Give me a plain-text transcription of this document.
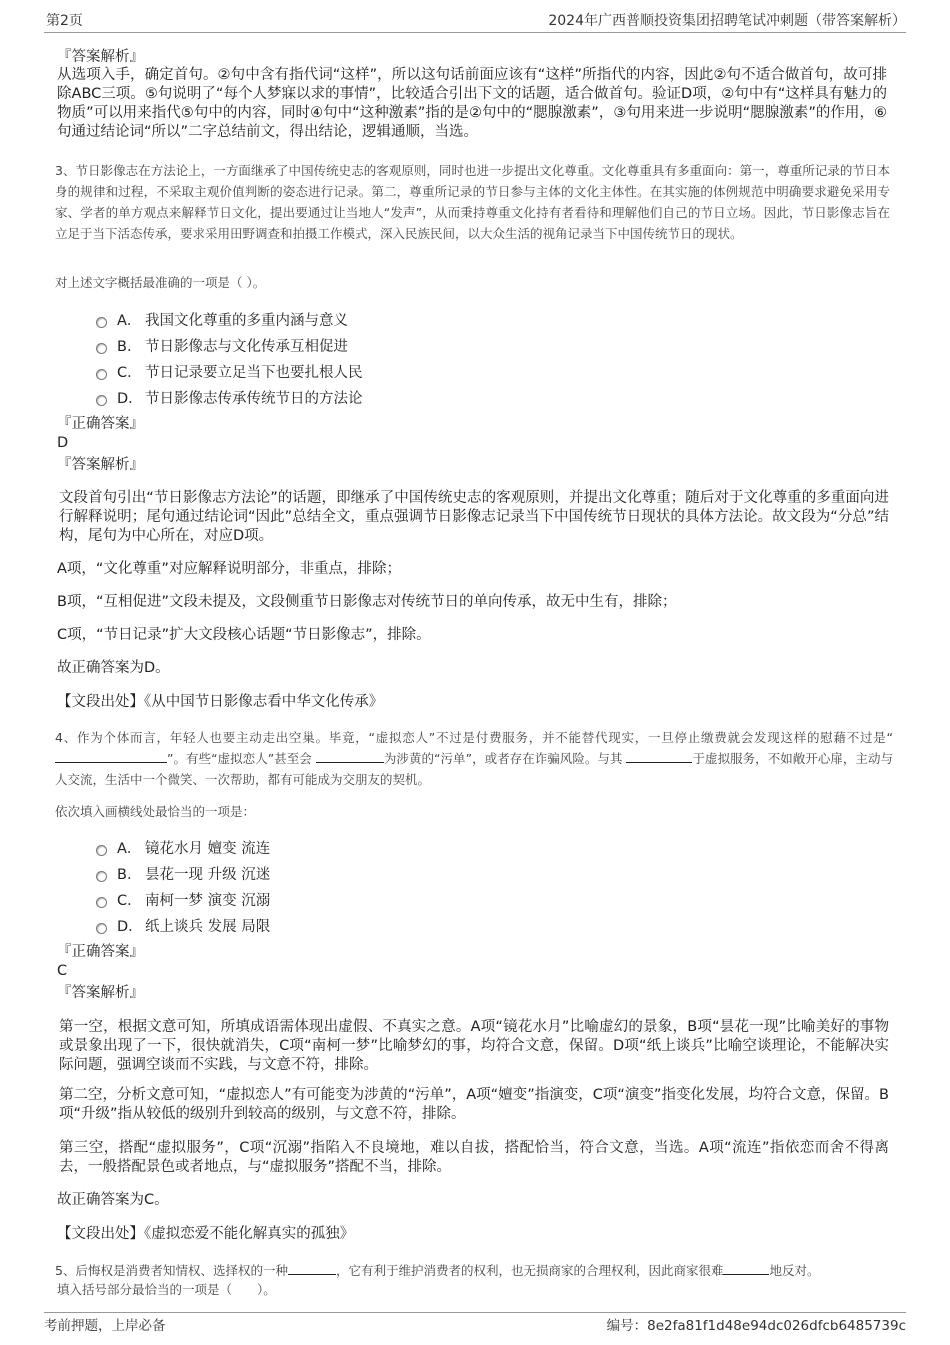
第2页	2024年广西普顺投资集团招聘笔试冲刺题（带答案解析）
『答案解析』
从选项入手，确定首句。②句中含有指代词“这样”，所以这句话前面应该有“这样”所指代的内容，因此②句不适合做首句，故可排除ABC三项。⑤句说明了“每个人梦寐以求的事情”，比较适合引出下文的话题，适合做首句。验证D项，②句中有“这样具有魅力的物质”可以用来指代⑤句中的内容，同时④句中“这种激素”指的是②句中的“腮腺激素”，③句用来进一步说明“腮腺激素”的作用，⑥句通过结论词“所以”二字总结前文，得出结论，逻辑通顺，当选。
3、节日影像志在方法论上，一方面继承了中国传统史志的客观原则，同时也进一步提出文化尊重。文化尊重具有多重面向：第一，尊重所记录的节日本身的规律和过程，不采取主观价值判断的姿态进行记录。第二，尊重所记录的节日参与主体的文化主体性。在其实施的体例规范中明确要求避免采用专家、学者的单方观点来解释节日文化，提出要通过让当地人“发声”，从而秉持尊重文化持有者看待和理解他们自己的节日立场。因此，节日影像志旨在立足于当下活态传承，要求采用田野调查和拍摄工作模式，深入民族民间，以大众生活的视角记录当下中国传统节日的现状。
对上述文字概括最准确的一项是（ ）。
A． 我国文化尊重的多重内涵与意义
B． 节日影像志与文化传承互相促进
C． 节日记录要立足当下也要扎根人民
D． 节日影像志传承传统节日的方法论
『正确答案』
D
『答案解析』
文段首句引出“节日影像志方法论”的话题，即继承了中国传统史志的客观原则，并提出文化尊重；随后对于文化尊重的多重面向进行解释说明；尾句通过结论词“因此”总结全文，重点强调节日影像志记录当下中国传统节日现状的具体方法论。故文段为“分总”结构，尾句为中心所在，对应D项。
A项，“文化尊重”对应解释说明部分，非重点，排除；
B项，“互相促进”文段未提及，文段侧重节日影像志对传统节日的单向传承，故无中生有，排除；
C项，“节日记录”扩大文段核心话题“节日影像志”，排除。
故正确答案为D。
【文段出处】《从中国节日影像志看中华文化传承》
4、作为个体而言，年轻人也要主动走出空巢。毕竟，“虚拟恋人”不过是付费服务，并不能替代现实，一旦停止缴费就会发现这样的慰藉不过是“”。有些“虚拟恋人”甚至会	为涉黄的“污单”，或者存在诈骗风险。与其	于虚拟服务，不如敞开心扉，主动与人交流，生活中一个微笑、一次帮助，都有可能成为交朋友的契机。
依次填入画横线处最恰当的一项是：
A． 镜花水月 嬗变 流连
B． 昙花一现 升级 沉迷
C． 南柯一梦 演变 沉溺
D． 纸上谈兵 发展 局限
『正确答案』
C
『答案解析』
第一空，根据文意可知，所填成语需体现出虚假、不真实之意。A项“镜花水月”比喻虚幻的景象，B项“昙花一现”比喻美好的事物或景象出现了一下，很快就消失，C项“南柯一梦”比喻梦幻的事，均符合文意，保留。D项“纸上谈兵”比喻空谈理论，不能解决实际问题，强调空谈而不实践，与文意不符，排除。
第二空，分析文意可知，“虚拟恋人”有可能变为涉黄的“污单”，A项“嬗变”指演变，C项“演变”指变化发展，均符合文意，保留。B项“升级”指从较低的级别升到较高的级别，与文意不符，排除。
第三空，搭配“虚拟服务”，C项“沉溺”指陷入不良境地，难以自拔，搭配恰当，符合文意，当选。A项“流连”指依恋而舍不得离去，一般搭配景色或者地点，与“虚拟服务”搭配不当，排除。
故正确答案为C。
【文段出处】《虚拟恋爱不能化解真实的孤独》
5、后悔权是消费者知情权、选择权的一种	，它有利于维护消费者的权利，也无损商家的合理权利，因此商家很难	地反对。
填入括号部分最恰当的一项是（　　）。
考前押题，上岸必备	编号：8e2fa81f1d48e94dc026dfcb6485739c
